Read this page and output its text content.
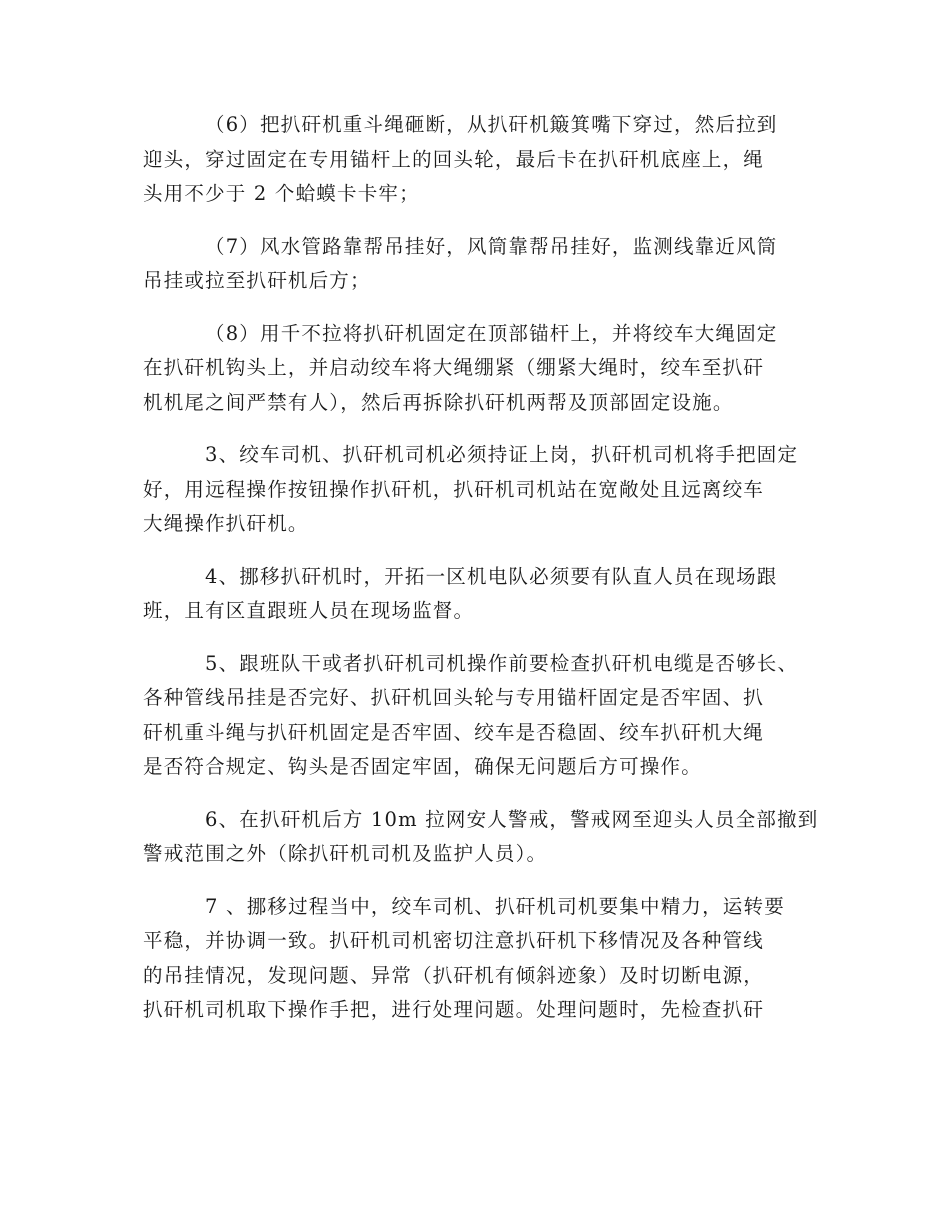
（6）把扒矸机重斗绳砸断，从扒矸机簸箕嘴下穿过，然后拉到
迎头，穿过固定在专用锚杆上的回头轮，最后卡在扒矸机底座上，绳
头用不少于 2 个蛤蟆卡卡牢；
（7）风水管路靠帮吊挂好，风筒靠帮吊挂好，监测线靠近风筒
吊挂或拉至扒矸机后方；
（8）用千不拉将扒矸机固定在顶部锚杆上，并将绞车大绳固定
在扒矸机钩头上，并启动绞车将大绳绷紧（绷紧大绳时，绞车至扒矸
机机尾之间严禁有人），然后再拆除扒矸机两帮及顶部固定设施。
3、绞车司机、扒矸机司机必须持证上岗，扒矸机司机将手把固定
好，用远程操作按钮操作扒矸机，扒矸机司机站在宽敞处且远离绞车
大绳操作扒矸机。
4、挪移扒矸机时，开拓一区机电队必须要有队直人员在现场跟
班，且有区直跟班人员在现场监督。
5、跟班队干或者扒矸机司机操作前要检查扒矸机电缆是否够长、
各种管线吊挂是否完好、扒矸机回头轮与专用锚杆固定是否牢固、扒
矸机重斗绳与扒矸机固定是否牢固、绞车是否稳固、绞车扒矸机大绳
是否符合规定、钩头是否固定牢固，确保无问题后方可操作。
6、在扒矸机后方 10m 拉网安人警戒，警戒网至迎头人员全部撤到
警戒范围之外（除扒矸机司机及监护人员）。
7 、挪移过程当中，绞车司机、扒矸机司机要集中精力，运转要
平稳，并协调一致。扒矸机司机密切注意扒矸机下移情况及各种管线
的吊挂情况，发现问题、异常（扒矸机有倾斜迹象）及时切断电源，
扒矸机司机取下操作手把，进行处理问题。处理问题时，先检查扒矸
